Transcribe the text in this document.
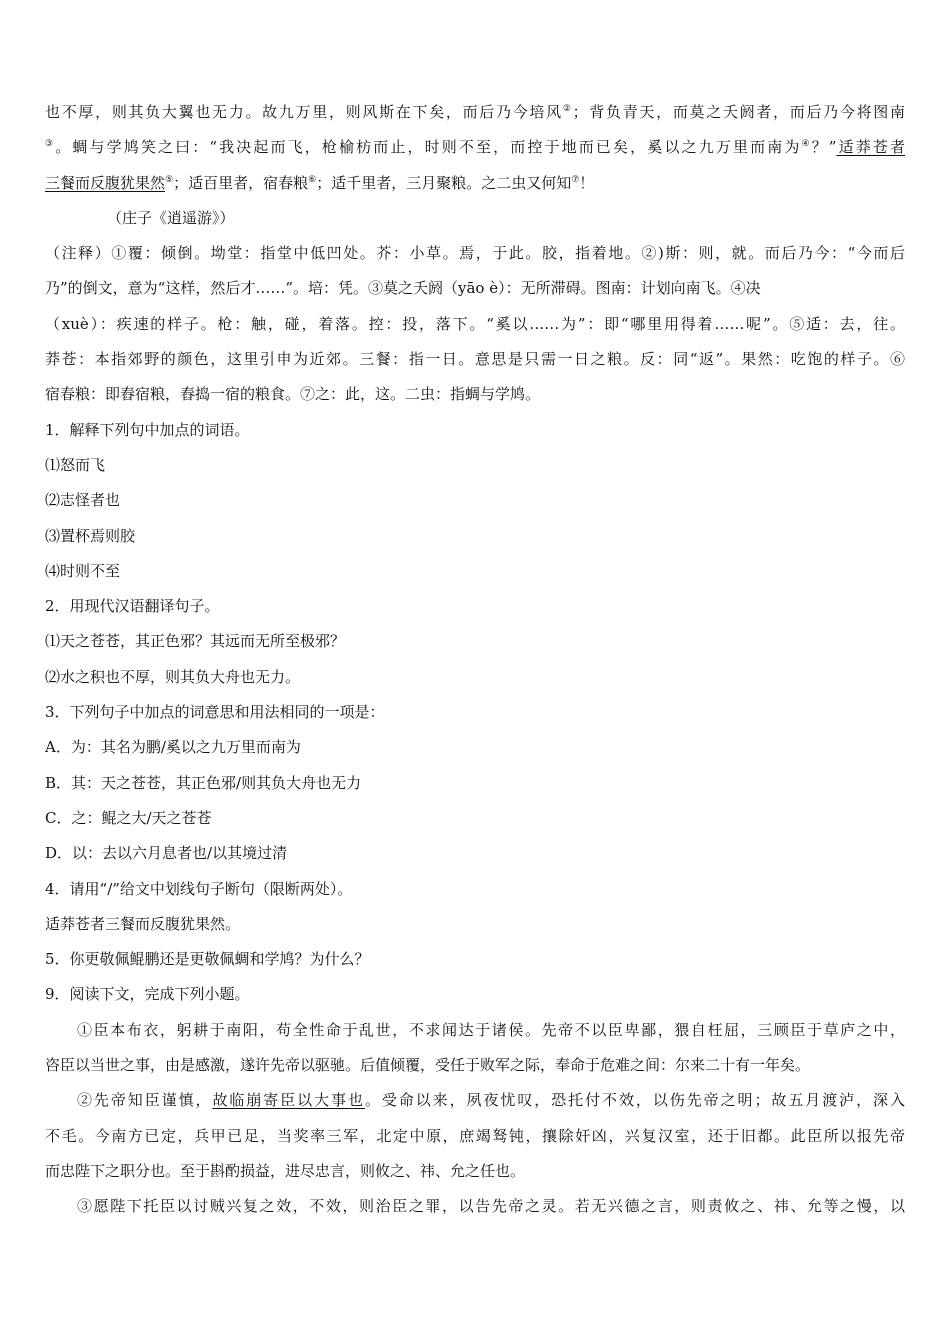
也不厚，则其负大翼也无力。故九万里，则风斯在下矣，而后乃今培风②；背负青天，而莫之夭阏者，而后乃今将图南
③。蜩与学鸠笑之曰：“我决起而飞，枪榆枋而止，时则不至，而控于地而已矣，奚以之九万里而南为④？”适莽苍者
三餐而反腹犹果然⑤；适百里者，宿春粮⑥；适千里者，三月聚粮。之二虫又何知⑦！
（庄子《逍遥游》）
（注释）①覆：倾倒。坳堂：指堂中低凹处。芥：小草。焉，于此。胶，指着地。②)斯：则，就。而后乃今：“今而后
乃”的倒文，意为“这样，然后才……”。培：凭。③莫之夭阏（yāo è）：无所滞碍。图南：计划向南飞。④决
（xuè）：疾速的样子。枪：触，碰，着落。控：投，落下。“奚以……为”：即“哪里用得着……呢”。⑤适：去，往。
莽苍：本指郊野的颜色，这里引申为近郊。三餐：指一日。意思是只需一日之粮。反：同“返”。果然：吃饱的样子。⑥
宿春粮：即舂宿粮，舂捣一宿的粮食。⑦之：此，这。二虫：指蜩与学鸠。
1．解释下列句中加点的词语。
⑴怒而飞
⑵志怪者也
⑶置杯焉则胶
⑷时则不至
2．用现代汉语翻译句子。
⑴天之苍苍，其正色邪？其远而无所至极邪？
⑵水之积也不厚，则其负大舟也无力。
3．下列句子中加点的词意思和用法相同的一项是：
A．为：其名为鹏/奚以之九万里而南为
B．其：天之苍苍，其正色邪/则其负大舟也无力
C．之：鲲之大/天之苍苍
D．以：去以六月息者也/以其境过清
4．请用“/”给文中划线句子断句（限断两处）。
适莽苍者三餐而反腹犹果然。
5．你更敬佩鲲鹏还是更敬佩蜩和学鸠？为什么？
9．阅读下文，完成下列小题。
①臣本布衣，躬耕于南阳，苟全性命于乱世，不求闻达于诸侯。先帝不以臣卑鄙，猥自枉屈，三顾臣于草庐之中，
咨臣以当世之事，由是感激，遂许先帝以驱驰。后值倾覆，受任于败军之际，奉命于危难之间：尔来二十有一年矣。
②先帝知臣谨慎，故临崩寄臣以大事也。受命以来，夙夜忧叹，恐托付不效，以伤先帝之明；故五月渡泸，深入
不毛。今南方已定，兵甲已足，当奖率三军，北定中原，庶竭驽钝，攘除奸凶，兴复汉室，还于旧都。此臣所以报先帝
而忠陛下之职分也。至于斟酌损益，进尽忠言，则攸之、祎、允之任也。
③愿陛下托臣以讨贼兴复之效，不效，则治臣之罪，以告先帝之灵。若无兴德之言，则责攸之、祎、允等之慢，以
